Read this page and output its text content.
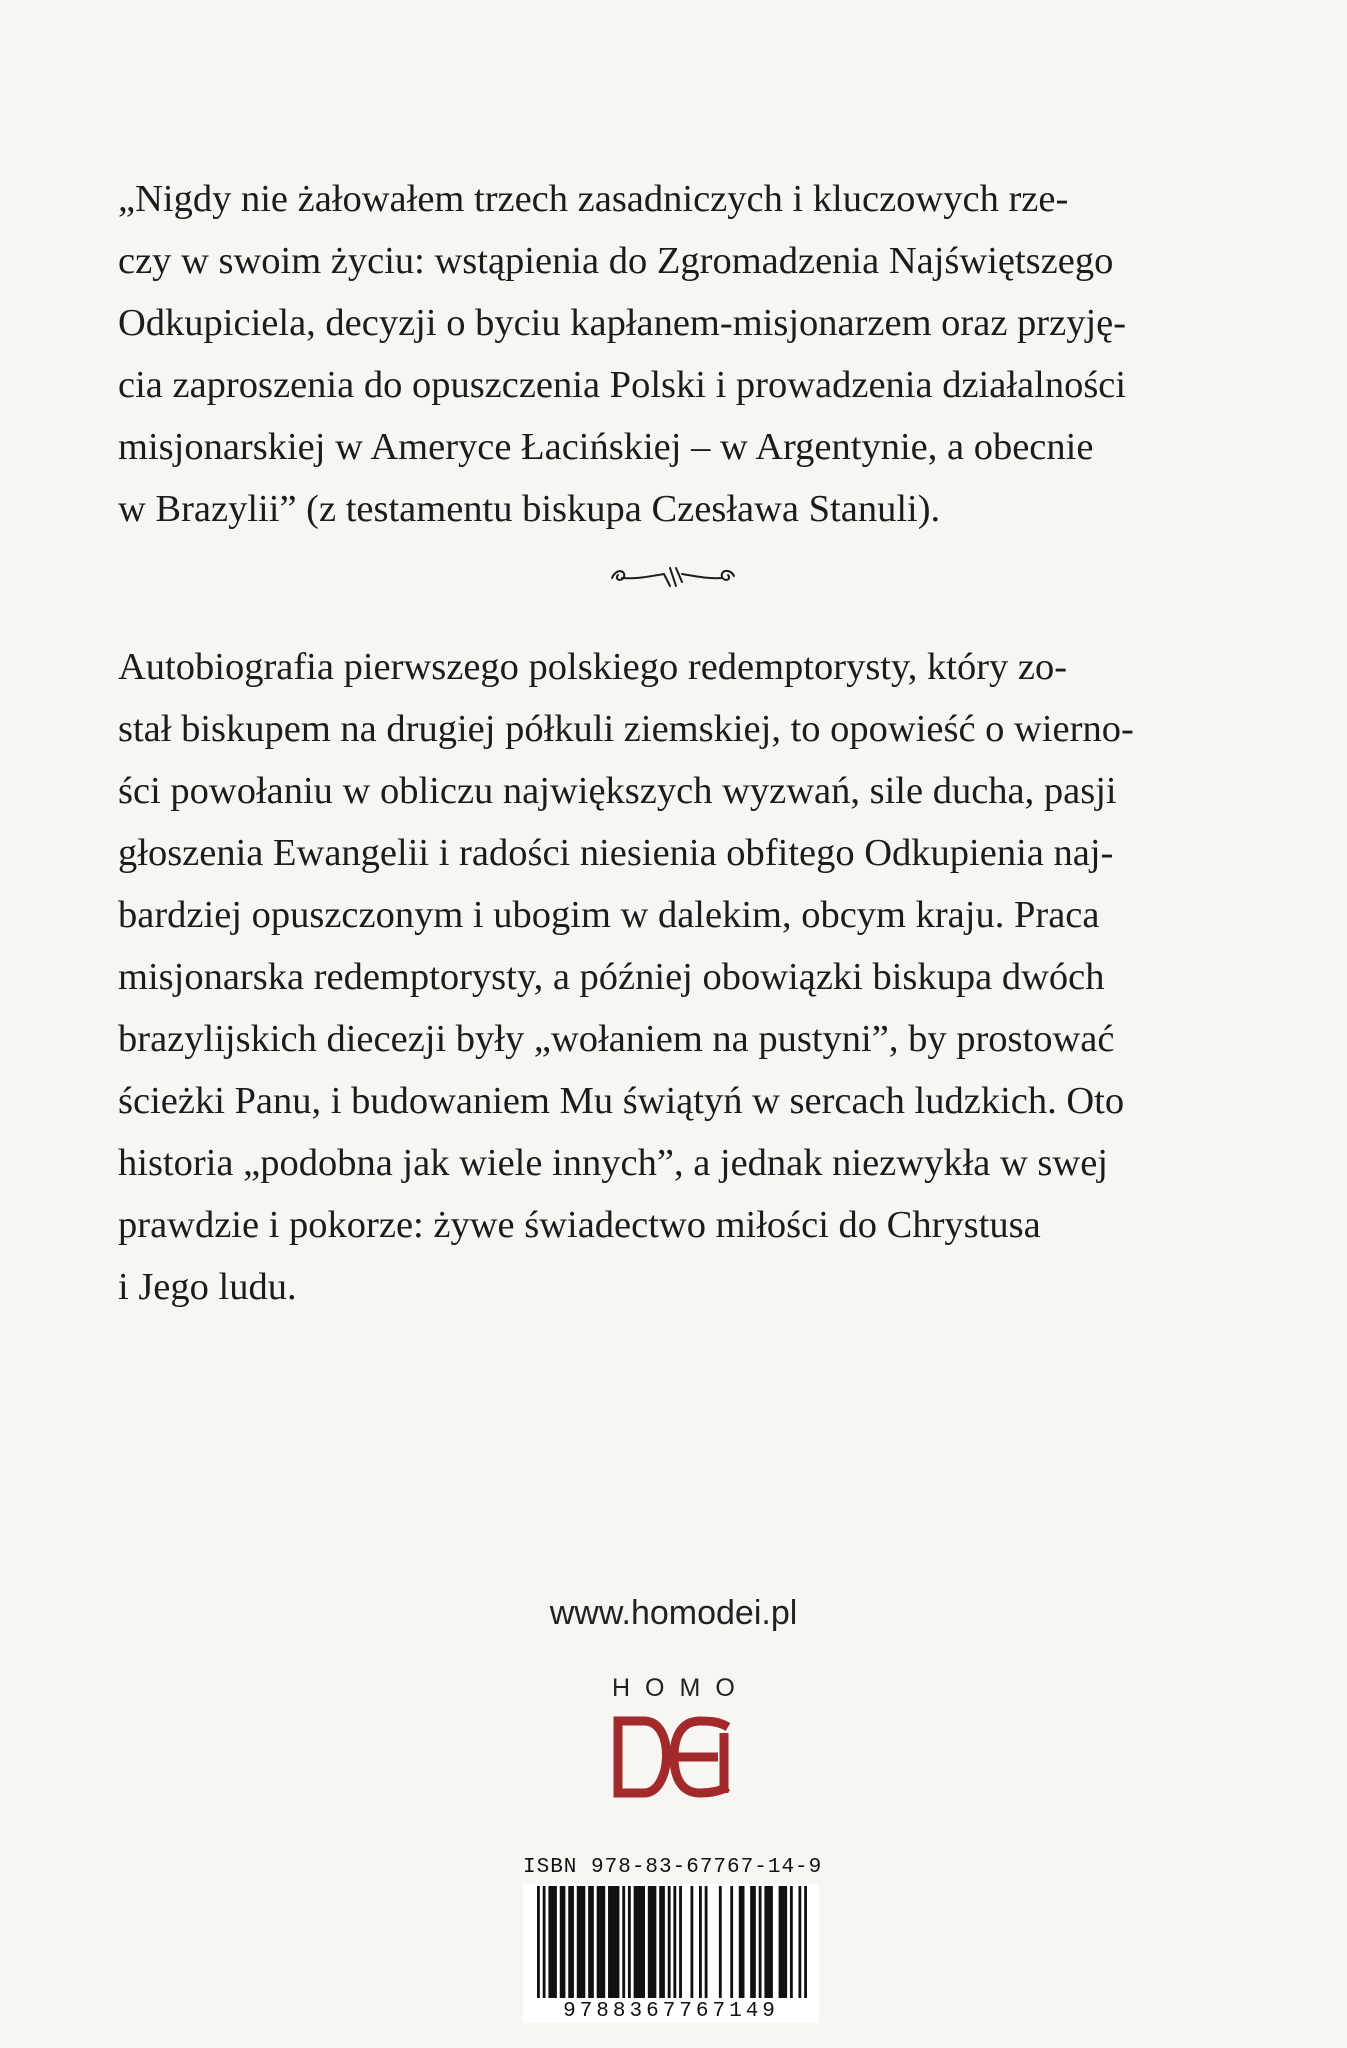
„Nigdy nie żałowałem trzech zasadniczych i kluczowych rze-
czy w swoim życiu: wstąpienia do Zgromadzenia Najświętszego
Odkupiciela, decyzji o byciu kapłanem-misjonarzem oraz przyję-
cia zaproszenia do opuszczenia Polski i prowadzenia działalności
misjonarskiej w Ameryce Łacińskiej – w Argentynie, a obecnie
w Brazylii” (z testamentu biskupa Czesława Stanuli).
Autobiografia pierwszego polskiego redemptorysty, który zo-
stał biskupem na drugiej półkuli ziemskiej, to opowieść o wierno-
ści powołaniu w obliczu największych wyzwań, sile ducha, pasji
głoszenia Ewangelii i radości niesienia obfitego Odkupienia naj-
bardziej opuszczonym i ubogim w dalekim, obcym kraju. Praca
misjonarska redemptorysty, a później obowiązki biskupa dwóch
brazylijskich diecezji były „wołaniem na pustyni”, by prostować
ścieżki Panu, i budowaniem Mu świątyń w sercach ludzkich. Oto
historia „podobna jak wiele innych”, a jednak niezwykła w swej
prawdzie i pokorze: żywe świadectwo miłości do Chrystusa
i Jego ludu.
www.homodei.pl
HOMO
ISBN 978-83-67767-14-9
9788367767149
